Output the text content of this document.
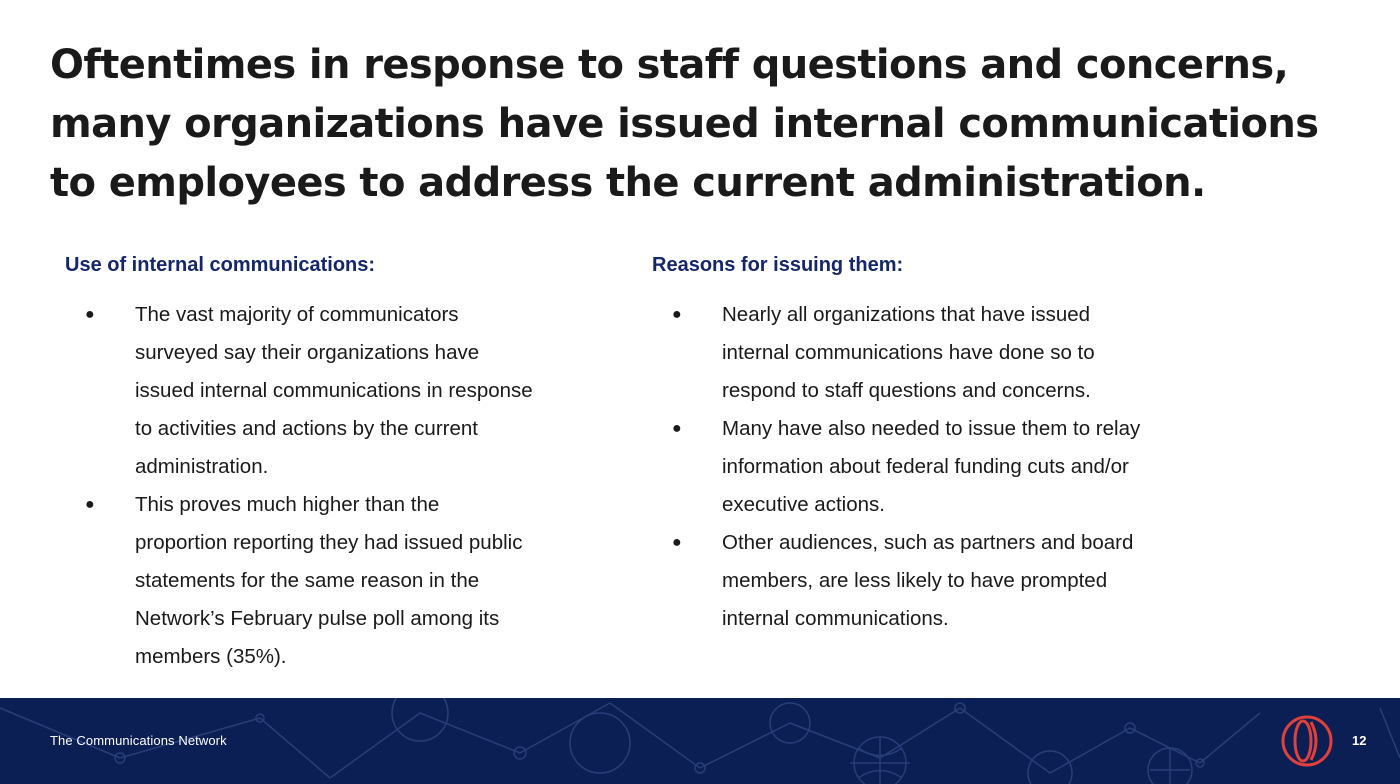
Oftentimes in response to staff questions and concerns, many organizations have issued internal communications to employees to address the current administration.
Use of internal communications:
● The vast majority of communicators surveyed say their organizations have issued internal communications in response to activities and actions by the current administration.
● This proves much higher than the proportion reporting they had issued public statements for the same reason in the Network’s February pulse poll among its members (35%).
Reasons for issuing them:
● Nearly all organizations that have issued internal communications have done so to respond to staff questions and concerns.
● Many have also needed to issue them to relay information about federal funding cuts and/or executive actions.
● Other audiences, such as partners and board members, are less likely to have prompted internal communications.
The Communications Network	12
